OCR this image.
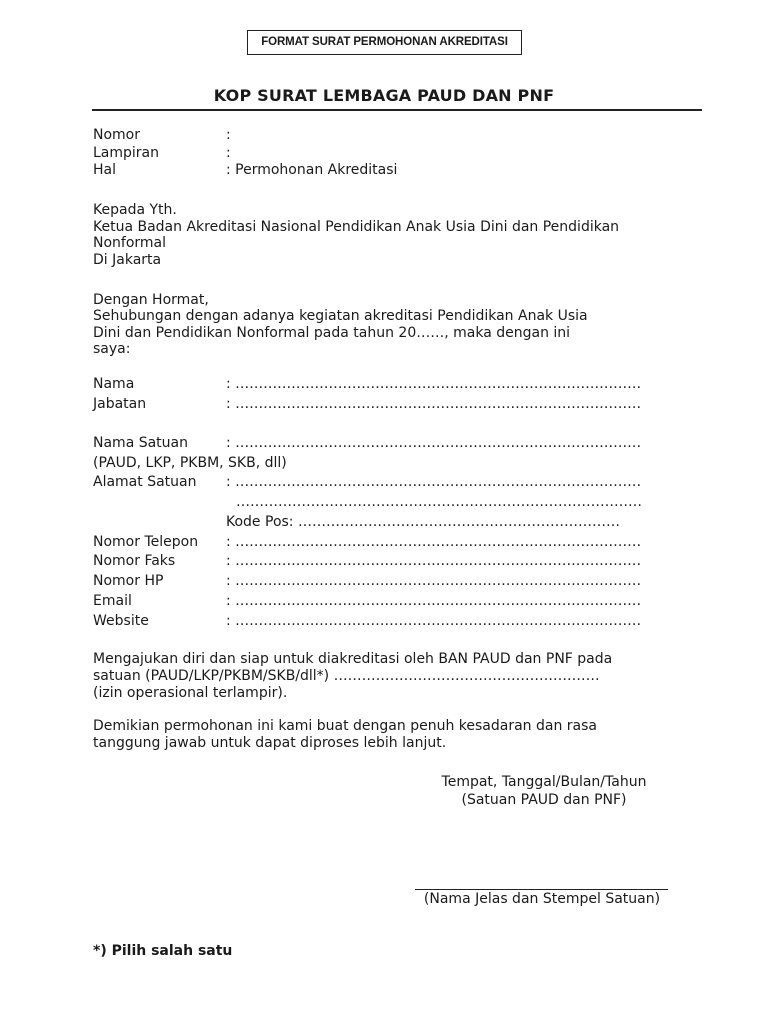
FORMAT SURAT PERMOHONAN AKREDITASI
KOP SURAT LEMBAGA PAUD DAN PNF
Nomor	:
Lampiran	:
Hal	: Permohonan Akreditasi
Kepada Yth.
Ketua Badan Akreditasi Nasional Pendidikan Anak Usia Dini dan Pendidikan
Nonformal
Di Jakarta
Dengan Hormat,
Sehubungan dengan adanya kegiatan akreditasi Pendidikan Anak Usia
Dini dan Pendidikan Nonformal pada tahun 20……, maka dengan ini
saya:
Nama	: ……………………………………………………………………………
Jabatan	: ……………………………………………………………………………
Nama Satuan	: ……………………………………………………………………………
(PAUD, LKP, PKBM, SKB, dll)
Alamat Satuan : ……………………………………………………………………………
……………………………………………………………………………
Kode Pos: ……………………………………………………………
Nomor Telepon : ……………………………………………………………………………
Nomor Faks	: ……………………………………………………………………………
Nomor HP	: ……………………………………………………………………………
Email	: ……………………………………………………………………………
Website	: ……………………………………………………………………………
Mengajukan diri dan siap untuk diakreditasi oleh BAN PAUD dan PNF pada
satuan (PAUD/LKP/PKBM/SKB/dll*) …………………………………………………
(izin operasional terlampir).
Demikian permohonan ini kami buat dengan penuh kesadaran dan rasa
tanggung jawab untuk dapat diproses lebih lanjut.
Tempat, Tanggal/Bulan/Tahun
(Satuan PAUD dan PNF)
(Nama Jelas dan Stempel Satuan)
*) Pilih salah satu
